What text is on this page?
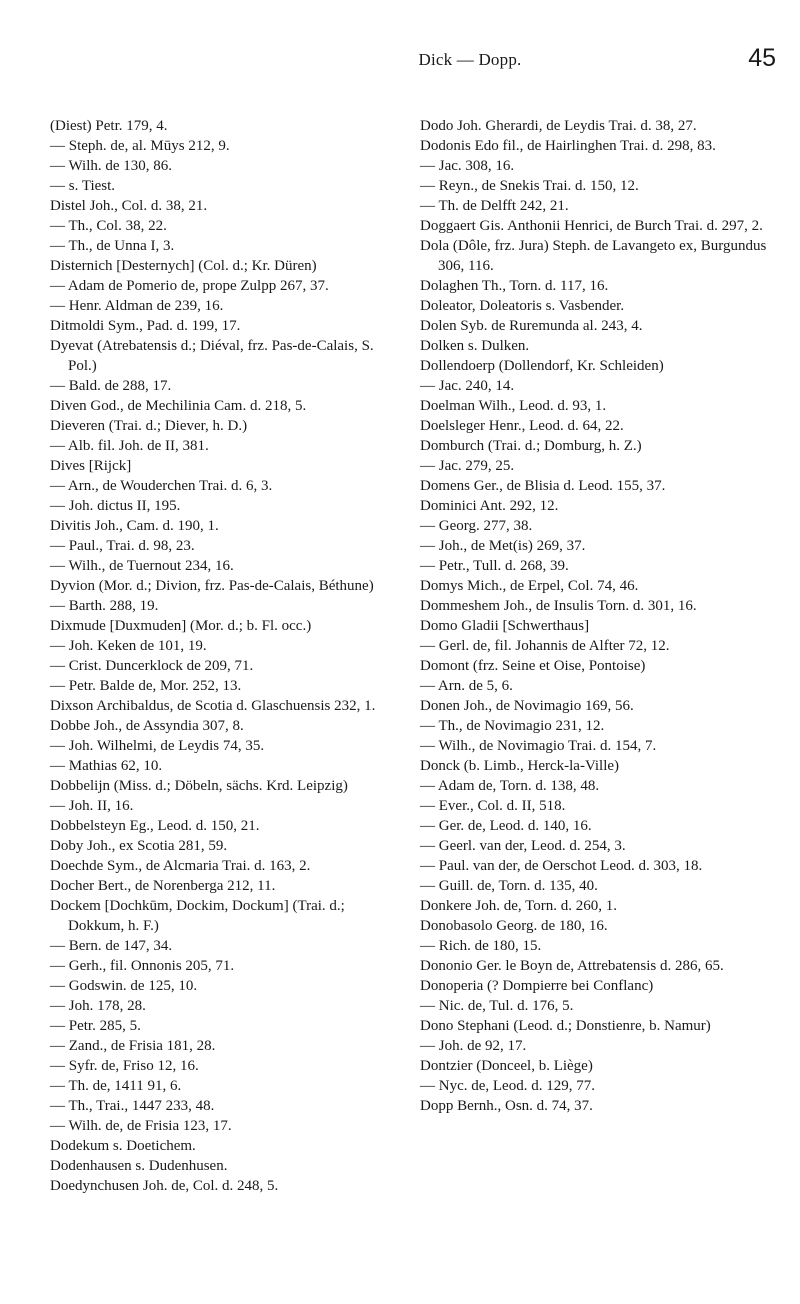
Dick — Dopp.	45
(Diest) Petr. 179, 4.
— Steph. de, al. Mūys 212, 9.
— Wilh. de 130, 86.
— s. Tiest.
Distel Joh., Col. d. 38, 21.
— Th., Col. 38, 22.
— Th., de Unna I, 3.
Disternich [Desternych] (Col. d.; Kr. Düren)
— Adam de Pomerio de, prope Zulpp 267, 37.
— Henr. Aldman de 239, 16.
Ditmoldi Sym., Pad. d. 199, 17.
Dyevat (Atrebatensis d.; Diéval, frz. Pas-de-Calais, S. Pol.)
— Bald. de 288, 17.
Diven God., de Mechilinia Cam. d. 218, 5.
Dieveren (Trai. d.; Diever, h. D.)
— Alb. fil. Joh. de II, 381.
Dives [Rijck]
— Arn., de Wouderchen Trai. d. 6, 3.
— Joh. dictus II, 195.
Divitis Joh., Cam. d. 190, 1.
— Paul., Trai. d. 98, 23.
— Wilh., de Tuernout 234, 16.
Dyvion (Mor. d.; Divion, frz. Pas-de-Calais, Béthune)
— Barth. 288, 19.
Dixmude [Duxmuden] (Mor. d.; b. Fl. occ.)
— Joh. Keken de 101, 19.
— Crist. Duncerklock de 209, 71.
— Petr. Balde de, Mor. 252, 13.
Dixson Archibaldus, de Scotia d. Glaschuensis 232, 1.
Dobbe Joh., de Assyndia 307, 8.
— Joh. Wilhelmi, de Leydis 74, 35.
— Mathias 62, 10.
Dobbelijn (Miss. d.; Döbeln, sächs. Krd. Leipzig)
— Joh. II, 16.
Dobbelsteyn Eg., Leod. d. 150, 21.
Doby Joh., ex Scotia 281, 59.
Doechde Sym., de Alcmaria Trai. d. 163, 2.
Docher Bert., de Norenberga 212, 11.
Dockem [Dochkūm, Dockim, Dockum] (Trai. d.; Dokkum, h. F.)
— Bern. de 147, 34.
— Gerh., fil. Onnonis 205, 71.
— Godswin. de 125, 10.
— Joh. 178, 28.
— Petr. 285, 5.
— Zand., de Frisia 181, 28.
— Syfr. de, Friso 12, 16.
— Th. de, 1411 91, 6.
— Th., Trai., 1447 233, 48.
— Wilh. de, de Frisia 123, 17.
Dodekum s. Doetichem.
Dodenhausen s. Dudenhusen.
Doedynchusen Joh. de, Col. d. 248, 5.
Dodo Joh. Gherardi, de Leydis Trai. d. 38, 27.
Dodonis Edo fil., de Hairlinghen Trai. d. 298, 83.
— Jac. 308, 16.
— Reyn., de Snekis Trai. d. 150, 12.
— Th. de Delfft 242, 21.
Doggaert Gis. Anthonii Henrici, de Burch Trai. d. 297, 2.
Dola (Dôle, frz. Jura) Steph. de Lavangeto ex, Burgundus 306, 116.
Dolaghen Th., Torn. d. 117, 16.
Doleator, Doleatoris s. Vasbender.
Dolen Syb. de Ruremunda al. 243, 4.
Dolken s. Dulken.
Dollendoerp (Dollendorf, Kr. Schleiden)
— Jac. 240, 14.
Doelman Wilh., Leod. d. 93, 1.
Doelsleger Henr., Leod. d. 64, 22.
Domburch (Trai. d.; Domburg, h. Z.)
— Jac. 279, 25.
Domens Ger., de Blisia d. Leod. 155, 37.
Dominici Ant. 292, 12.
— Georg. 277, 38.
— Joh., de Met(is) 269, 37.
— Petr., Tull. d. 268, 39.
Domys Mich., de Erpel, Col. 74, 46.
Dommeshem Joh., de Insulis Torn. d. 301, 16.
Domo Gladii [Schwerthaus]
— Gerl. de, fil. Johannis de Alfter 72, 12.
Domont (frz. Seine et Oise, Pontoise)
— Arn. de 5, 6.
Donen Joh., de Novimagio 169, 56.
— Th., de Novimagio 231, 12.
— Wilh., de Novimagio Trai. d. 154, 7.
Donck (b. Limb., Herck-la-Ville)
— Adam de, Torn. d. 138, 48.
— Ever., Col. d. II, 518.
— Ger. de, Leod. d. 140, 16.
— Geerl. van der, Leod. d. 254, 3.
— Paul. van der, de Oerschot Leod. d. 303, 18.
— Guill. de, Torn. d. 135, 40.
Donkere Joh. de, Torn. d. 260, 1.
Donobasolo Georg. de 180, 16.
— Rich. de 180, 15.
Dononio Ger. le Boyn de, Attrebatensis d. 286, 65.
Donoperia (? Dompierre bei Conflanc)
— Nic. de, Tul. d. 176, 5.
Dono Stephani (Leod. d.; Donstienre, b. Namur)
— Joh. de 92, 17.
Dontzier (Donceel, b. Liège)
— Nyc. de, Leod. d. 129, 77.
Dopp Bernh., Osn. d. 74, 37.
